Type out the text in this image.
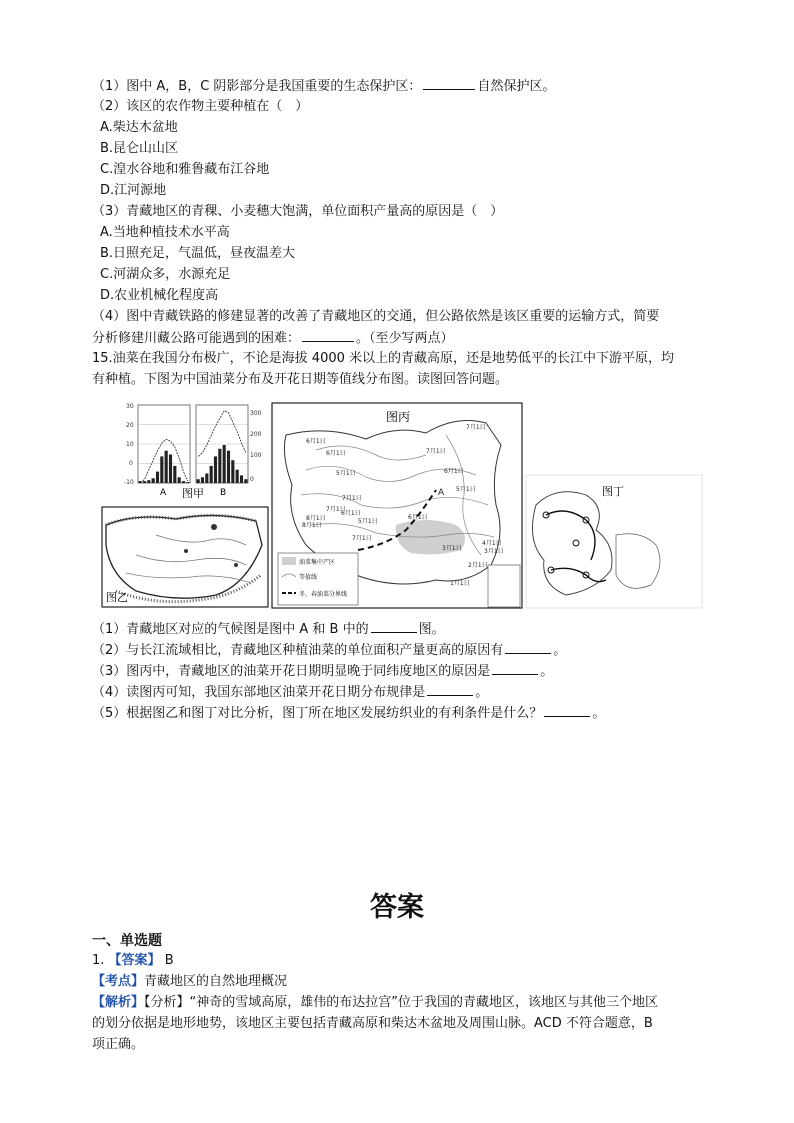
（1）图中 A，B，C 阴影部分是我国重要的生态保护区：	自然保护区。
（2）该区的农作物主要种植在（　）
A.柴达木盆地
B.昆仑山山区
C.湟水谷地和雅鲁藏布江谷地
D.江河源地
（3）青藏地区的青稞、小麦穗大饱满，单位面积产量高的原因是（　）
A.当地种植技术水平高
B.日照充足，气温低，昼夜温差大
C.河湖众多，水源充足
D.农业机械化程度高
（4）图中青藏铁路的修建显著的改善了青藏地区的交通，但公路依然是该区重要的运输方式，简要
分析修建川藏公路可能遇到的困难：	。（至少写两点）
15.油菜在我国分布极广，不论是海拔 4000 米以上的青藏高原，还是地势低平的长江中下游平原，均
有种植。下图为中国油菜分布及开花日期等值线分布图。读图回答问题。
30
20
10
0
-10
300
200
100
0
A 图甲 B
图乙
图丙
7月1日
6月1日
6月1日
5月1日
7月1日
8月1日
7月1日
6月1日
5月1日
7月1日
6月1日
8月1日
7月1日
6月1日
5月1日
4月1日
3月1日	3月1日
2月1日
1月1日
A
油菜集中产区
等值线
冬、春油菜分界线
图丁
（1）青藏地区对应的气候图是图中 A 和 B 中的	图。
（2）与长江流域相比，青藏地区种植油菜的单位面积产量更高的原因有	。
（3）图丙中，青藏地区的油菜开花日期明显晚于同纬度地区的原因是	。
（4）读图丙可知，我国东部地区油菜开花日期分布规律是	。
（5）根据图乙和图丁对比分析，图丁所在地区发展纺织业的有利条件是什么？	。
答案
一、单选题
1. 【答案】 B
【考点】青藏地区的自然地理概况
【解析】【分析】“神奇的雪域高原，雄伟的布达拉宫”位于我国的青藏地区，该地区与其他三个地区
的划分依据是地形地势，该地区主要包括青藏高原和柴达木盆地及周围山脉。ACD 不符合题意，B
项正确。
